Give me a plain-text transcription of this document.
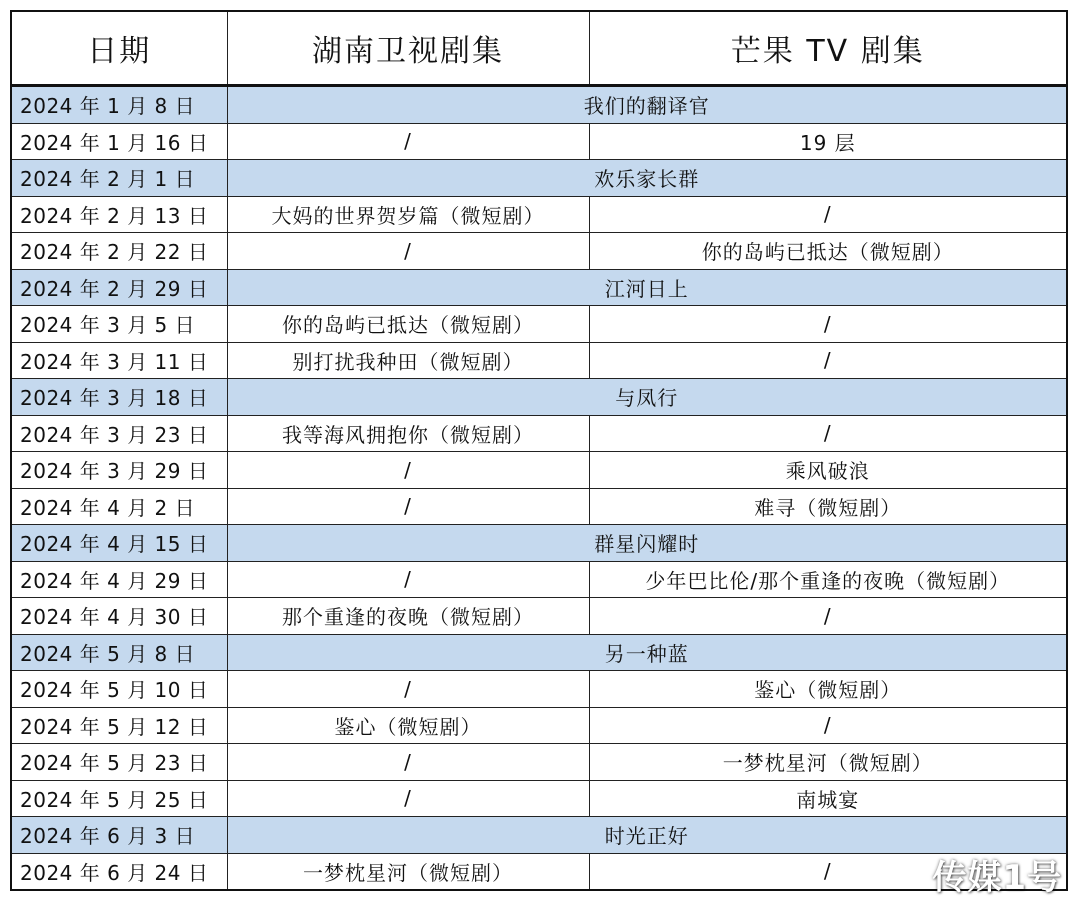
日期	湖南卫视剧集	芒果 TV 剧集
2024 年 1 月 8 日	我们的翻译官	
2024 年 1 月 16 日	/	19 层
2024 年 2 月 1 日	欢乐家长群	
2024 年 2 月 13 日	大妈的世界贺岁篇（微短剧）	/
2024 年 2 月 22 日	/	你的岛屿已抵达（微短剧）
2024 年 2 月 29 日	江河日上	
2024 年 3 月 5 日	你的岛屿已抵达（微短剧）	/
2024 年 3 月 11 日	别打扰我种田（微短剧）	/
2024 年 3 月 18 日	与凤行	
2024 年 3 月 23 日	我等海风拥抱你（微短剧）	/
2024 年 3 月 29 日	/	乘风破浪
2024 年 4 月 2 日	/	难寻（微短剧）
2024 年 4 月 15 日	群星闪耀时	
2024 年 4 月 29 日	/	少年巴比伦/那个重逢的夜晚（微短剧）
2024 年 4 月 30 日	那个重逢的夜晚（微短剧）	/
2024 年 5 月 8 日	另一种蓝	
2024 年 5 月 10 日	/	鉴心（微短剧）
2024 年 5 月 12 日	鉴心（微短剧）	/
2024 年 5 月 23 日	/	一梦枕星河（微短剧）
2024 年 5 月 25 日	/	南城宴
2024 年 6 月 3 日	时光正好	
2024 年 6 月 24 日	一梦枕星河（微短剧）	/	传媒1号
